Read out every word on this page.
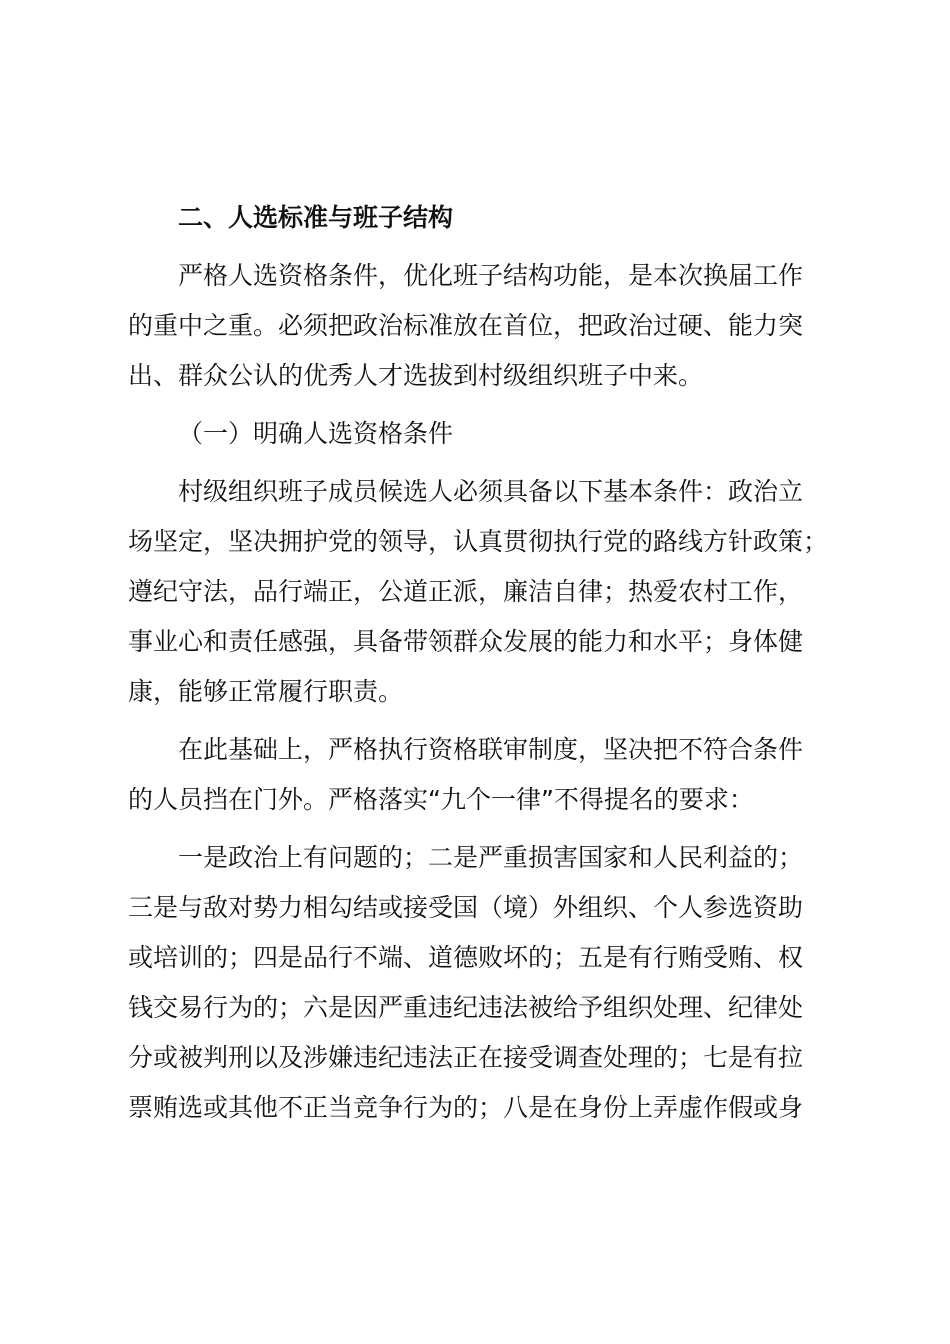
二、人选标准与班子结构
严格人选资格条件，优化班子结构功能，是本次换届工作
的重中之重。必须把政治标准放在首位，把政治过硬、能力突
出、群众公认的优秀人才选拔到村级组织班子中来。
（一）明确人选资格条件
村级组织班子成员候选人必须具备以下基本条件：政治立
场坚定，坚决拥护党的领导，认真贯彻执行党的路线方针政策；
遵纪守法，品行端正，公道正派，廉洁自律；热爱农村工作，
事业心和责任感强，具备带领群众发展的能力和水平；身体健
康，能够正常履行职责。
在此基础上，严格执行资格联审制度，坚决把不符合条件
的人员挡在门外。严格落实“九个一律”不得提名的要求：
一是政治上有问题的；二是严重损害国家和人民利益的；
三是与敌对势力相勾结或接受国（境）外组织、个人参选资助
或培训的；四是品行不端、道德败坏的；五是有行贿受贿、权
钱交易行为的；六是因严重违纪违法被给予组织处理、纪律处
分或被判刑以及涉嫌违纪违法正在接受调查处理的；七是有拉
票贿选或其他不正当竞争行为的；八是在身份上弄虚作假或身
